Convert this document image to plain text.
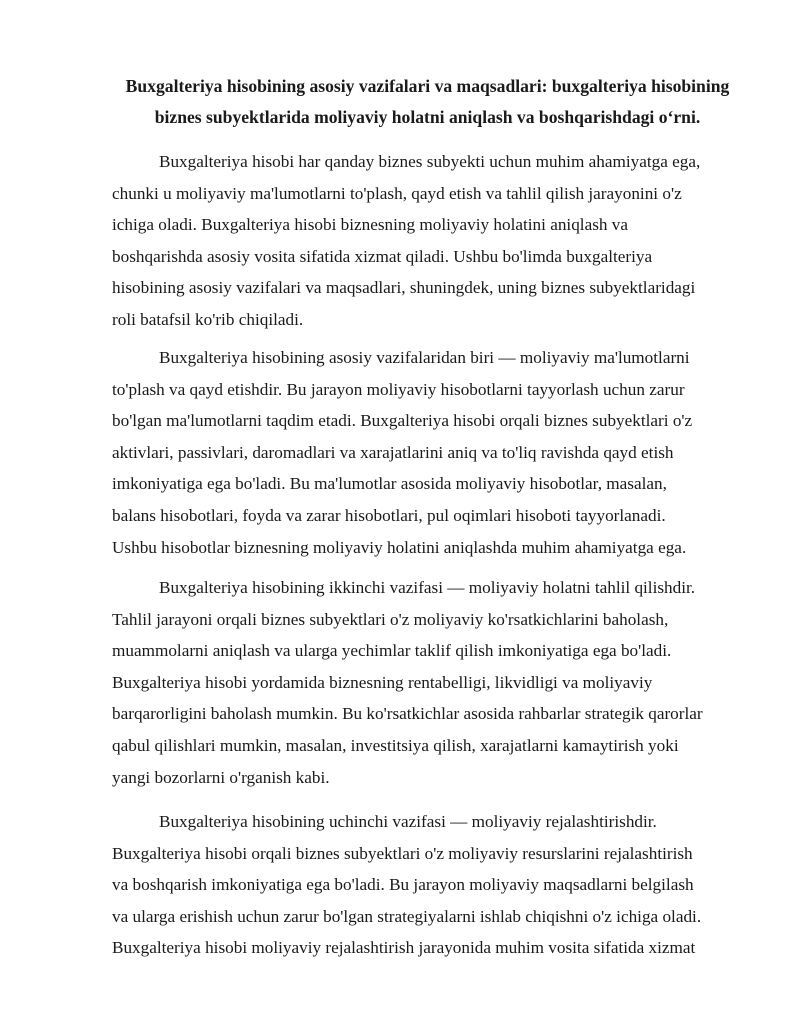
Buxgalteriya hisobining asosiy vazifalari va maqsadlari: buxgalteriya hisobining
biznes subyektlarida moliyaviy holatni aniqlash va boshqarishdagi o‘rni.

Buxgalteriya hisobi har qanday biznes subyekti uchun muhim ahamiyatga ega,
chunki u moliyaviy ma'lumotlarni to'plash, qayd etish va tahlil qilish jarayonini o'z
ichiga oladi. Buxgalteriya hisobi biznesning moliyaviy holatini aniqlash va
boshqarishda asosiy vosita sifatida xizmat qiladi. Ushbu bo'limda buxgalteriya
hisobining asosiy vazifalari va maqsadlari, shuningdek, uning biznes subyektlaridagi
roli batafsil ko'rib chiqiladi.

Buxgalteriya hisobining asosiy vazifalaridan biri — moliyaviy ma'lumotlarni
to'plash va qayd etishdir. Bu jarayon moliyaviy hisobotlarni tayyorlash uchun zarur
bo'lgan ma'lumotlarni taqdim etadi. Buxgalteriya hisobi orqali biznes subyektlari o'z
aktivlari, passivlari, daromadlari va xarajatlarini aniq va to'liq ravishda qayd etish
imkoniyatiga ega bo'ladi. Bu ma'lumotlar asosida moliyaviy hisobotlar, masalan,
balans hisobotlari, foyda va zarar hisobotlari, pul oqimlari hisoboti tayyorlanadi.
Ushbu hisobotlar biznesning moliyaviy holatini aniqlashda muhim ahamiyatga ega.

Buxgalteriya hisobining ikkinchi vazifasi — moliyaviy holatni tahlil qilishdir.
Tahlil jarayoni orqali biznes subyektlari o'z moliyaviy ko'rsatkichlarini baholash,
muammolarni aniqlash va ularga yechimlar taklif qilish imkoniyatiga ega bo'ladi.
Buxgalteriya hisobi yordamida biznesning rentabelligi, likvidligi va moliyaviy
barqarorligini baholash mumkin. Bu ko'rsatkichlar asosida rahbarlar strategik qarorlar
qabul qilishlari mumkin, masalan, investitsiya qilish, xarajatlarni kamaytirish yoki
yangi bozorlarni o'rganish kabi.

Buxgalteriya hisobining uchinchi vazifasi — moliyaviy rejalashtirishdir.
Buxgalteriya hisobi orqali biznes subyektlari o'z moliyaviy resurslarini rejalashtirish
va boshqarish imkoniyatiga ega bo'ladi. Bu jarayon moliyaviy maqsadlarni belgilash
va ularga erishish uchun zarur bo'lgan strategiyalarni ishlab chiqishni o'z ichiga oladi.
Buxgalteriya hisobi moliyaviy rejalashtirish jarayonida muhim vosita sifatida xizmat
